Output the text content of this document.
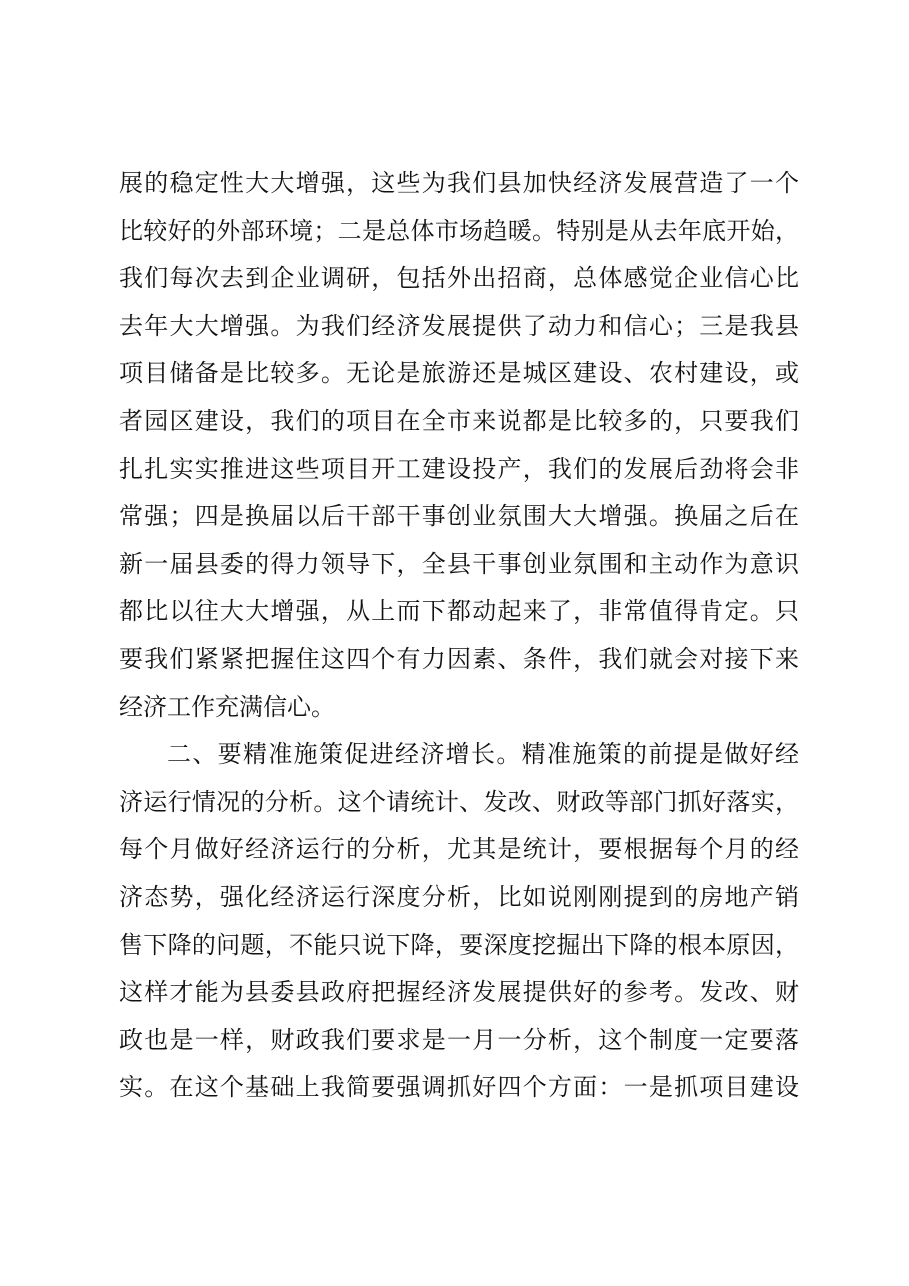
展的稳定性大大增强，这些为我们县加快经济发展营造了一个
比较好的外部环境；二是总体市场趋暖。特别是从去年底开始，
我们每次去到企业调研，包括外出招商，总体感觉企业信心比
去年大大增强。为我们经济发展提供了动力和信心；三是我县
项目储备是比较多。无论是旅游还是城区建设、农村建设，或
者园区建设，我们的项目在全市来说都是比较多的，只要我们
扎扎实实推进这些项目开工建设投产，我们的发展后劲将会非
常强；四是换届以后干部干事创业氛围大大增强。换届之后在
新一届县委的得力领导下，全县干事创业氛围和主动作为意识
都比以往大大增强，从上而下都动起来了，非常值得肯定。只
要我们紧紧把握住这四个有力因素、条件，我们就会对接下来
经济工作充满信心。
二、要精准施策促进经济增长。精准施策的前提是做好经
济运行情况的分析。这个请统计、发改、财政等部门抓好落实，
每个月做好经济运行的分析，尤其是统计，要根据每个月的经
济态势，强化经济运行深度分析，比如说刚刚提到的房地产销
售下降的问题，不能只说下降，要深度挖掘出下降的根本原因，
这样才能为县委县政府把握经济发展提供好的参考。发改、财
政也是一样，财政我们要求是一月一分析，这个制度一定要落
实。在这个基础上我简要强调抓好四个方面：一是抓项目建设
